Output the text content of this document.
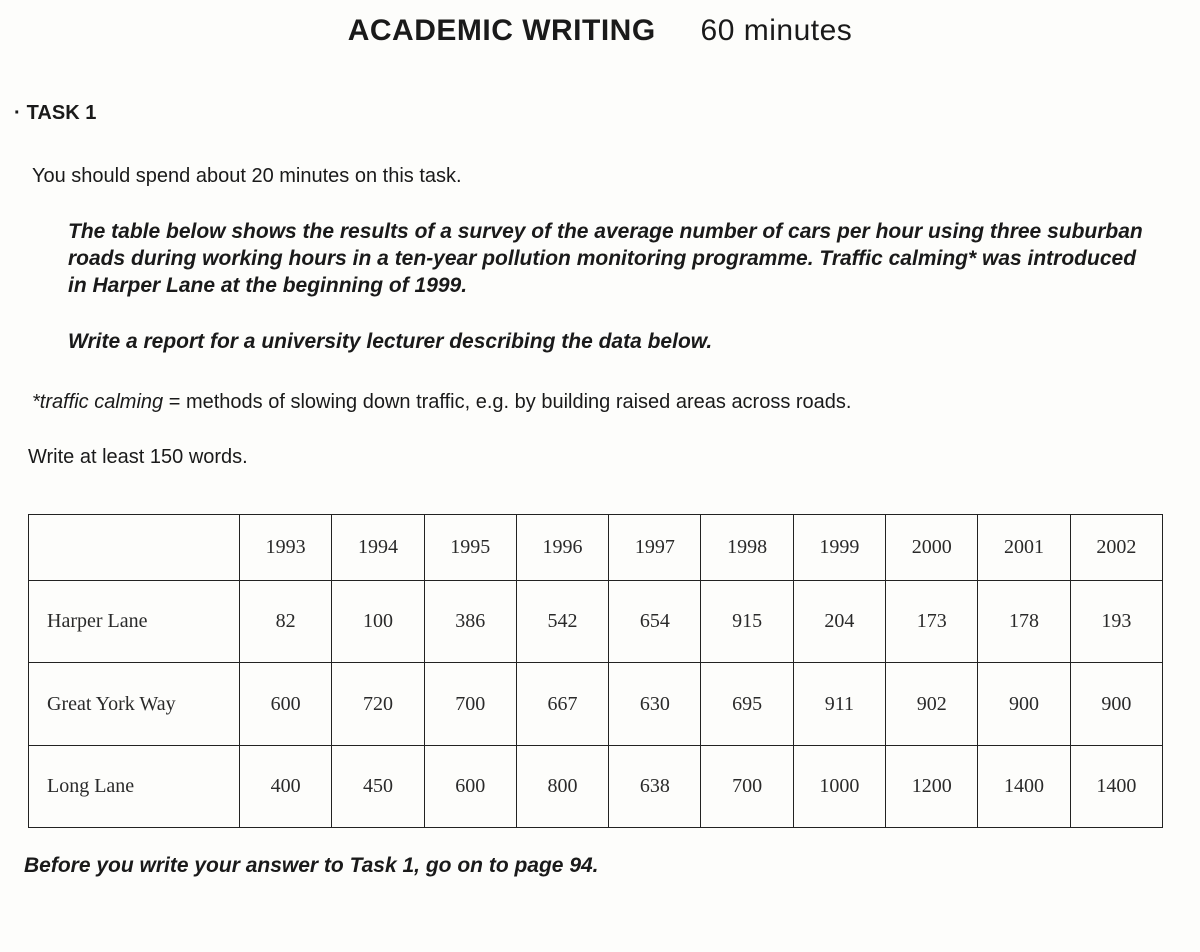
ACADEMIC WRITING 60 minutes
· TASK 1
You should spend about 20 minutes on this task.
The table below shows the results of a survey of the average number of cars per hour using three suburban roads during working hours in a ten-year pollution monitoring programme. Traffic calming* was introduced in Harper Lane at the beginning of 1999.
Write a report for a university lecturer describing the data below.
*traffic calming = methods of slowing down traffic, e.g. by building raised areas across roads.
Write at least 150 words.
	1993	1994	1995	1996	1997	1998	1999	2000	2001	2002
Harper Lane	82	100	386	542	654	915	204	173	178	193
Great York Way	600	720	700	667	630	695	911	902	900	900
Long Lane	400	450	600	800	638	700	1000	1200	1400	1400
Before you write your answer to Task 1, go on to page 94.
